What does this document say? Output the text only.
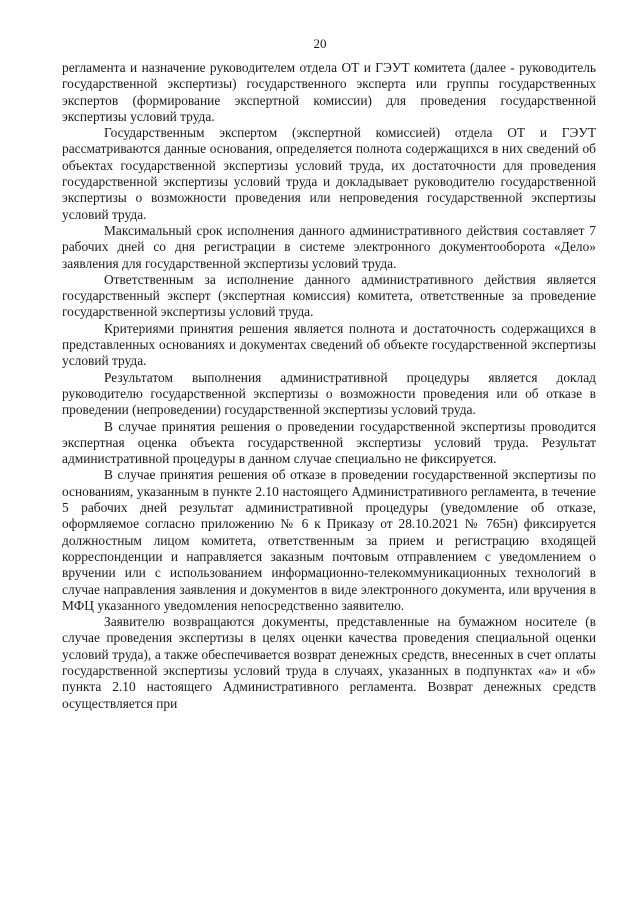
20

регламента и назначение руководителем отдела ОТ и ГЭУТ комитета (далее - руководитель государственной экспертизы) государственного эксперта или группы государственных экспертов (формирование экспертной комиссии) для проведения государственной экспертизы условий труда.

Государственным экспертом (экспертной комиссией) отдела ОТ и ГЭУТ рассматриваются данные основания, определяется полнота содержащихся в них сведений об объектах государственной экспертизы условий труда, их достаточности для проведения государственной экспертизы условий труда и докладывает руководителю государственной экспертизы о возможности проведения или непроведения государственной экспертизы условий труда.

Максимальный срок исполнения данного административного действия составляет 7 рабочих дней со дня регистрации в системе электронного документооборота «Дело» заявления для государственной экспертизы условий труда.

Ответственным за исполнение данного административного действия является государственный эксперт (экспертная комиссия) комитета, ответственные за проведение государственной экспертизы условий труда.

Критериями принятия решения является полнота и достаточность содержащихся в представленных основаниях и документах сведений об объекте государственной экспертизы условий труда.

Результатом выполнения административной процедуры является доклад руководителю государственной экспертизы о возможности проведения или об отказе в проведении (непроведении) государственной экспертизы условий труда.

В случае принятия решения о проведении государственной экспертизы проводится экспертная оценка объекта государственной экспертизы условий труда. Результат административной процедуры в данном случае специально не фиксируется.

В случае принятия решения об отказе в проведении государственной экспертизы по основаниям, указанным в пункте 2.10 настоящего Административного регламента, в течение 5 рабочих дней результат административной процедуры (уведомление об отказе, оформляемое согласно приложению № 6 к Приказу от 28.10.2021 № 765н) фиксируется должностным лицом комитета, ответственным за прием и регистрацию входящей корреспонденции и направляется заказным почтовым отправлением с уведомлением о вручении или с использованием информационно-телекоммуникационных технологий в случае направления заявления и документов в виде электронного документа, или вручения в МФЦ указанного уведомления непосредственно заявителю.

Заявителю возвращаются документы, представленные на бумажном носителе (в случае проведения экспертизы в целях оценки качества проведения специальной оценки условий труда), а также обеспечивается возврат денежных средств, внесенных в счет оплаты государственной экспертизы условий труда в случаях, указанных в подпунктах «а» и «б» пункта 2.10 настоящего Административного регламента. Возврат денежных средств осуществляется при
